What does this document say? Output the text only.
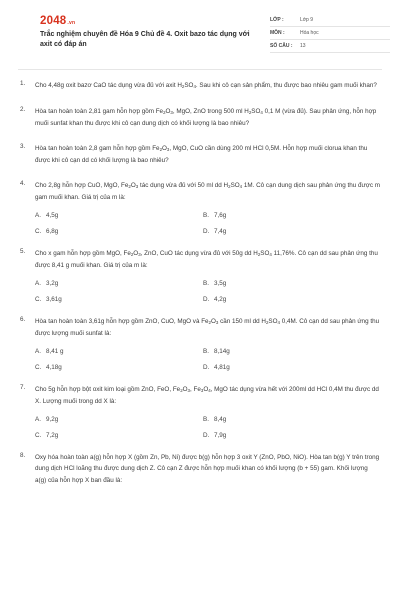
2048.vn
Trắc nghiệm chuyên đề Hóa 9 Chủ đề 4. Oxit bazo tác dụng với axit có đáp án
LỚP :	Lớp 9
MÔN :	Hóa học
SỐ CÂU :	13
1. Cho 4,48g oxit bazơ CaO tác dụng vừa đủ với axit $H_2SO_4$. Sau khi cô cạn sản phẩm, thu được bao nhiêu gam muối khan?
2. Hòa tan hoàn toàn 2,81 gam hỗn hợp gồm $Fe_2O_3$, MgO, ZnO trong 500 ml $H_2SO_4$ 0,1 M (vừa đủ). Sau phản ứng, hỗn hợp muối sunfat khan thu được khi cô cạn dung dịch có khối lượng là bao nhiêu?
3. Hòa tan hoàn toàn 2,8 gam hỗn hợp gồm $Fe_2O_3$, MgO, CuO cần dùng 200 ml HCl 0,5M. Hỗn hợp muối clorua khan thu được khi cô cạn dd có khối lượng là bao nhiêu?
4. Cho 2,8g hỗn hợp CuO, MgO, $Fe_2O_3$ tác dụng vừa đủ với 50 ml dd $H_2SO_4$ 1M. Cô cạn dung dịch sau phản ứng thu được m gam muối khan. Giá trị của m là:
A. 4,5g	B. 7,6g
C. 6,8g	D. 7,4g
5. Cho x gam hỗn hợp gồm MgO, $Fe_2O_3$, ZnO, CuO tác dụng vừa đủ với 50g dd $H_2SO_4$ 11,76%. Cô cạn dd sau phản ứng thu được 8,41 g muối khan. Giá trị của m là:
A. 3,2g	B. 3,5g
C. 3,61g	D. 4,2g
6. Hòa tan hoàn toàn 3,61g hỗn hợp gồm ZnO, CuO, MgO và $Fe_2O_3$ cần 150 ml dd $H_2SO_4$ 0,4M. Cô cạn dd sau phản ứng thu được lượng muối sunfat là:
A. 8,41 g	B. 8,14g
C. 4,18g	D. 4,81g
7. Cho 5g hỗn hợp bột oxit kim loại gồm ZnO, FeO, $Fe_2O_3$, $Fe_3O_4$, MgO tác dụng vừa hết với 200ml dd HCl 0,4M thu được dd X. Lượng muối trong dd X là:
A. 9,2g	B. 8,4g
C. 7,2g	D. 7,9g
8. Oxy hóa hoàn toàn a(g) hỗn hợp X (gồm Zn, Pb, Ni) được b(g) hỗn hợp 3 oxit Y (ZnO, PbO, NiO). Hòa tan b(g) Y trên trong dung dịch HCl loãng thu được dung dịch Z. Cô cạn Z được hỗn hợp muối khan có khối lượng (b + 55) gam. Khối lượng a(g) của hỗn hợp X ban đầu là:
